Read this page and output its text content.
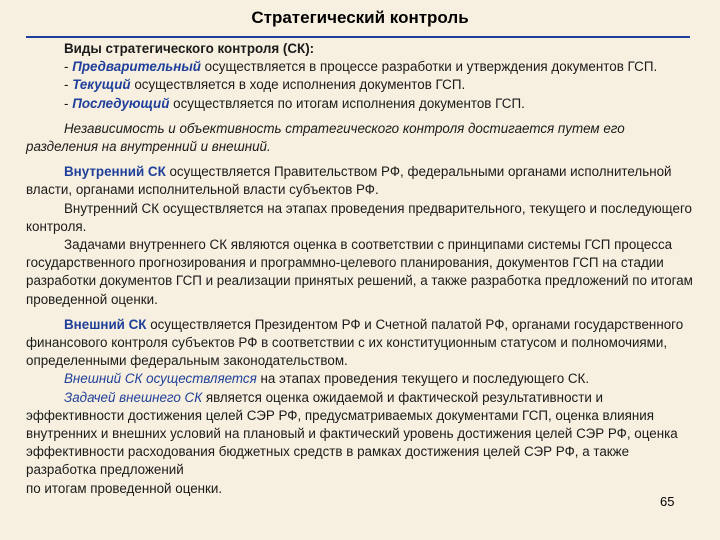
Стратегический контроль

Виды стратегического контроля (СК):

- Предварительный осуществляется в процессе разработки и утверждения документов ГСП.

- Текущий осуществляется в ходе исполнения документов ГСП.

- Последующий осуществляется по итогам исполнения документов ГСП.

Независимость и объективность стратегического контроля достигается путем его разделения на внутренний и внешний.

Внутренний СК осуществляется Правительством РФ, федеральными органами исполнительной власти, органами исполнительной власти субъектов РФ.

Внутренний СК осуществляется на этапах проведения предварительного, текущего и последующего контроля.

Задачами внутреннего СК являются оценка в соответствии с принципами системы ГСП процесса государственного прогнозирования и программно-целевого планирования, документов ГСП на стадии разработки документов ГСП и реализации принятых решений, а также разработка предложений по итогам проведенной оценки.

Внешний СК осуществляется Президентом РФ и Счетной палатой РФ, органами государственного финансового контроля субъектов РФ в соответствии с их конституционным статусом и полномочиями, определенными федеральным законодательством.

Внешний СК осуществляется на этапах проведения текущего и последующего СК.

Задачей внешнего СК является оценка ожидаемой и фактической результативности и эффективности достижения целей СЭР РФ, предусматриваемых документами ГСП, оценка влияния внутренних и внешних условий на плановый и фактический уровень достижения целей СЭР РФ, оценка эффективности расходования бюджетных средств в рамках достижения целей СЭР РФ, а также разработка предложений
по итогам проведенной оценки.

65
